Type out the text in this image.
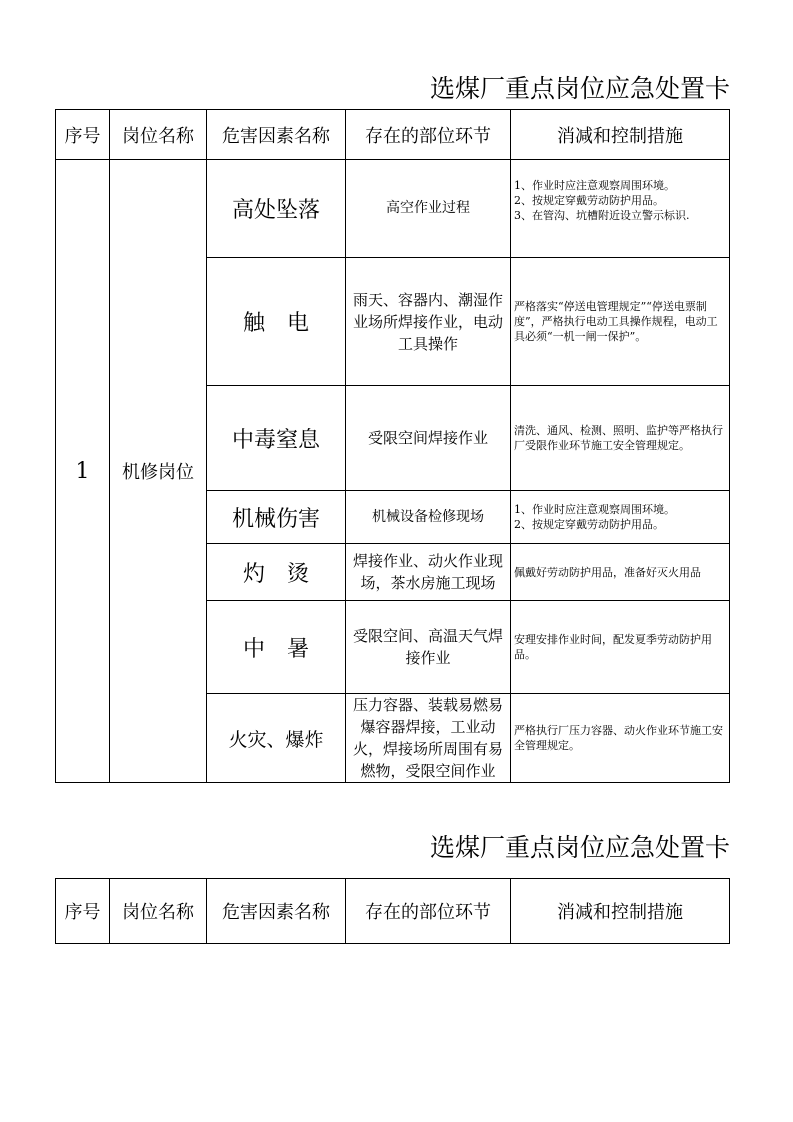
选煤厂重点岗位应急处置卡
序号	岗位名称	危害因素名称	存在的部位环节	消减和控制措施
1	机修岗位	高处坠落	高空作业过程	1、作业时应注意观察周围环境。
2、按规定穿戴劳动防护用品。
3、在管沟、坑槽附近设立警示标识.

		触　电	雨天、容器内、潮湿作业场所焊接作业，电动工具操作	严格落实“停送电管理规定”“停送电票制度”，严格执行电动工具操作规程，电动工具必须“一机一闸一保护”。

		中毒窒息	受限空间焊接作业	清洗、通风、检测、照明、监护等严格执行厂受限作业环节施工安全管理规定。

		机械伤害	机械设备检修现场	1、作业时应注意观察周围环境。
2、按规定穿戴劳动防护用品。

		灼　烫	焊接作业、动火作业现场，茶水房施工现场	佩戴好劳动防护用品，准备好灭火用品

		中　暑	受限空间、高温天气焊接作业	安理安排作业时间，配发夏季劳动防护用品。

		火灾、爆炸	压力容器、装载易燃易爆容器焊接，工业动火，焊接场所周围有易燃物，受限空间作业	严格执行厂压力容器、动火作业环节施工安全管理规定。
选煤厂重点岗位应急处置卡
序号	岗位名称	危害因素名称	存在的部位环节	消减和控制措施
